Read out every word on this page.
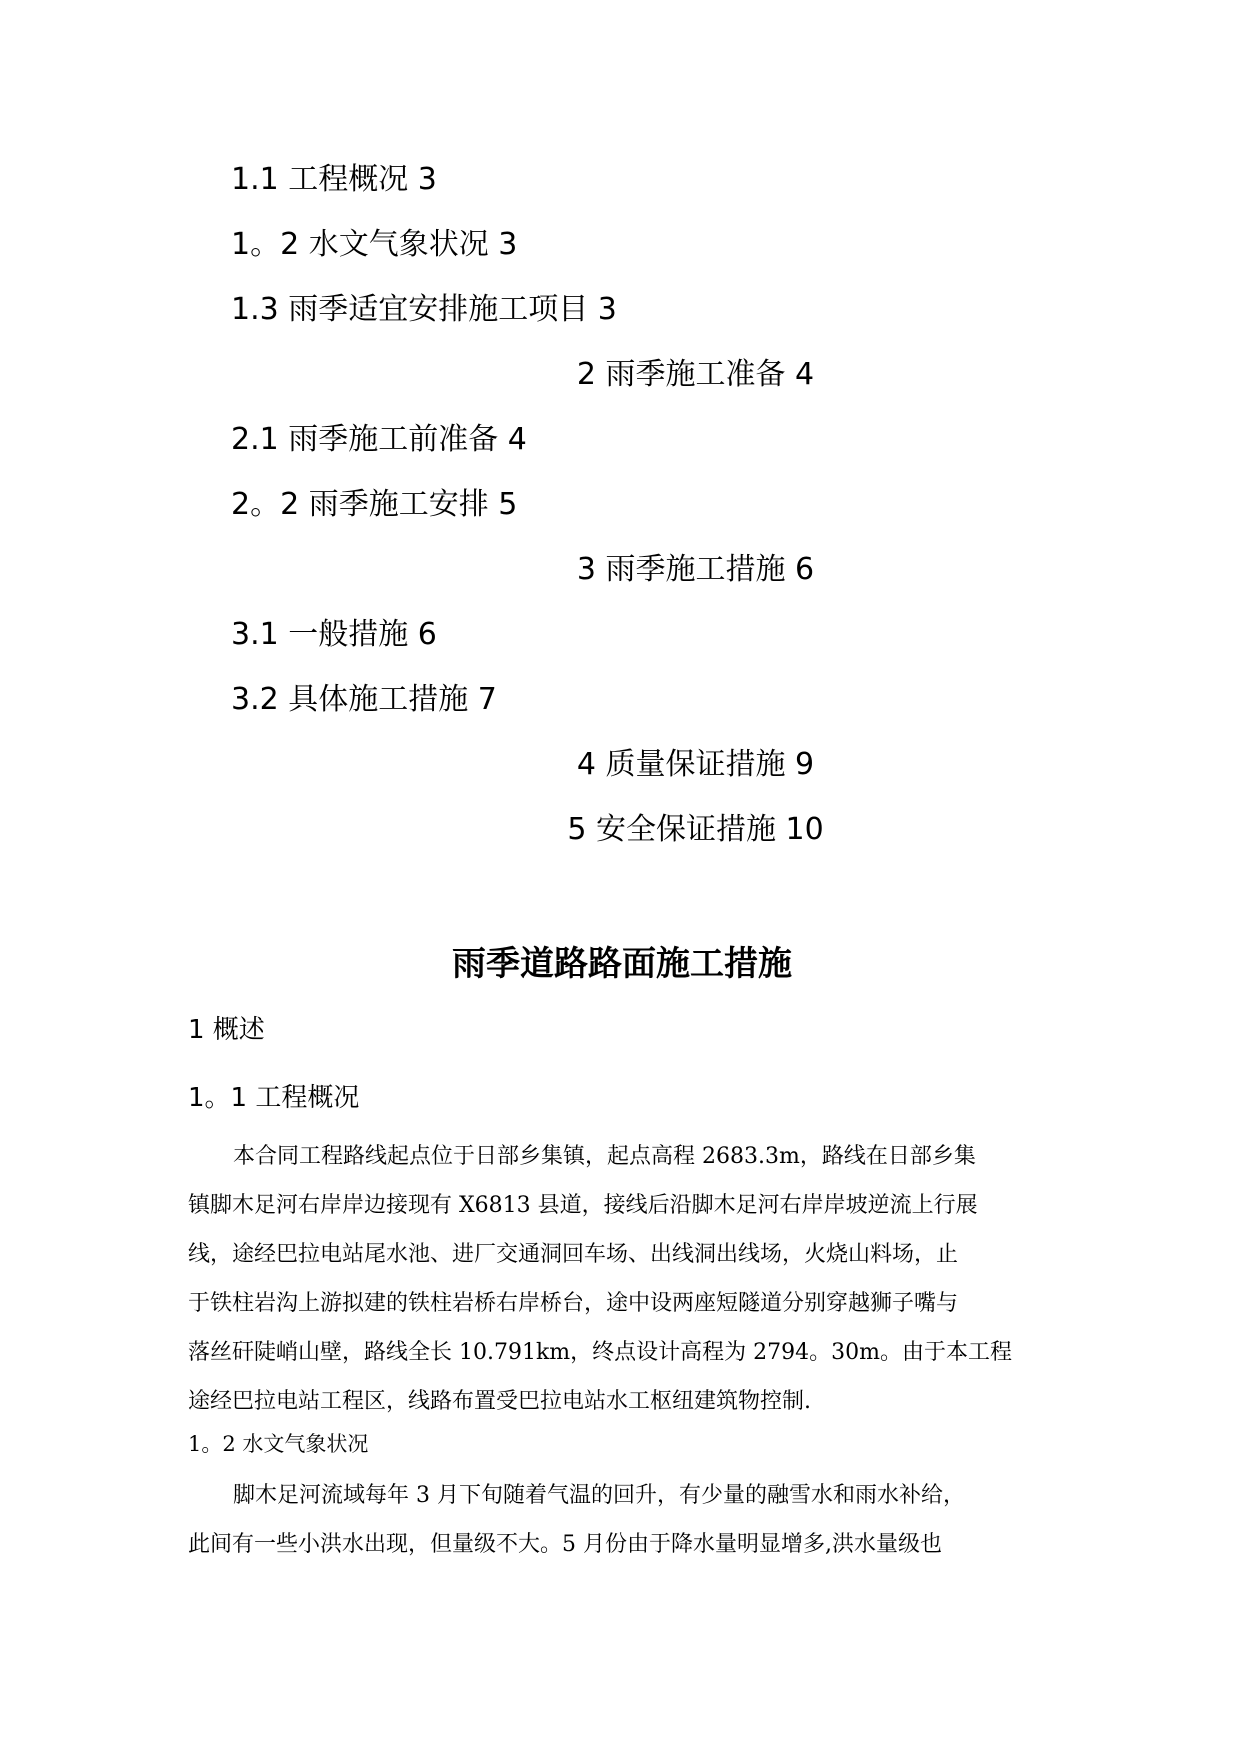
1.1 工程概况 3
1。2 水文气象状况 3
1.3 雨季适宜安排施工项目 3
2 雨季施工准备 4
2.1 雨季施工前准备 4
2。2 雨季施工安排 5
3 雨季施工措施 6
3.1 一般措施 6
3.2 具体施工措施 7
4 质量保证措施 9
5 安全保证措施 10
雨季道路路面施工措施
1 概述
1。1 工程概况
本合同工程路线起点位于日部乡集镇，起点高程 2683.3m，路线在日部乡集
镇脚木足河右岸岸边接现有 X6813 县道，接线后沿脚木足河右岸岸坡逆流上行展
线，途经巴拉电站尾水池、进厂交通洞回车场、出线洞出线场，火烧山料场，止
于铁柱岩沟上游拟建的铁柱岩桥右岸桥台，途中设两座短隧道分别穿越狮子嘴与
落丝矸陡峭山壁，路线全长 10.791km，终点设计高程为 2794。30m。由于本工程
途经巴拉电站工程区，线路布置受巴拉电站水工枢纽建筑物控制.
1。2 水文气象状况
脚木足河流域每年 3 月下旬随着气温的回升，有少量的融雪水和雨水补给，
此间有一些小洪水出现，但量级不大。5 月份由于降水量明显增多,洪水量级也
